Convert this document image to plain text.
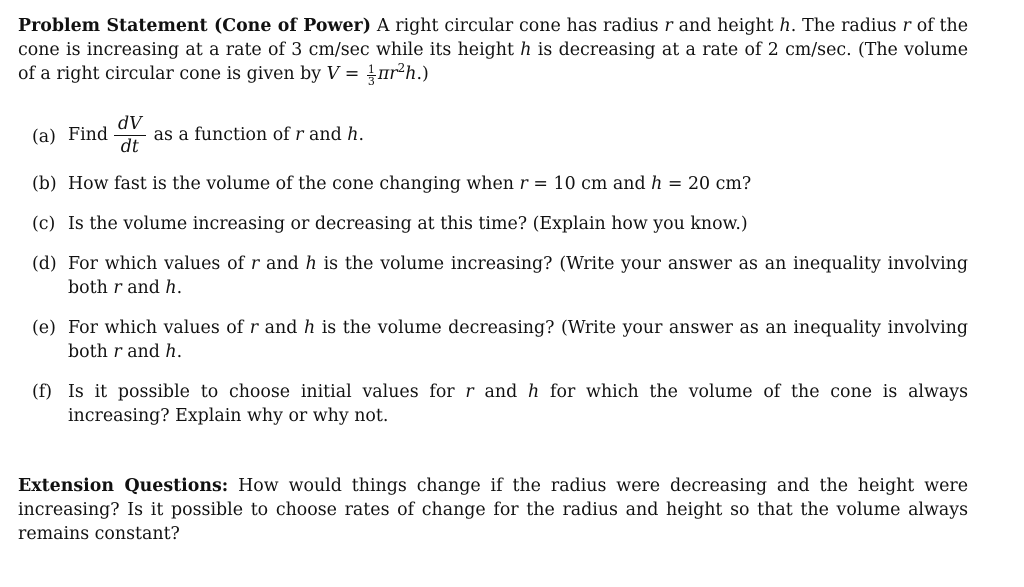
Problem Statement (Cone of Power) A right circular cone has radius r and height h. The radius r of the cone is increasing at a rate of 3 cm/sec while its height h is decreasing at a rate of 2 cm/sec. (The volume of a right circular cone is given by $V = \frac{1}{3} \pi r^2h$.)

(a) Find $\frac{dV}{dt}$ as a function of r and h.
(b) How fast is the volume of the cone changing when r = 10 cm and h = 20 cm?
(c) Is the volume increasing or decreasing at this time? (Explain how you know.)
(d) For which values of r and h is the volume increasing? (Write your answer as an inequality involving both r and h.
(e) For which values of r and h is the volume decreasing? (Write your answer as an inequality involving both r and h.
(f) Is it possible to choose initial values for r and h for which the volume of the cone is always increasing? Explain why or why not.

Extension Questions: How would things change if the radius were decreasing and the height were increasing? Is it possible to choose rates of change for the radius and height so that the volume always remains constant?
